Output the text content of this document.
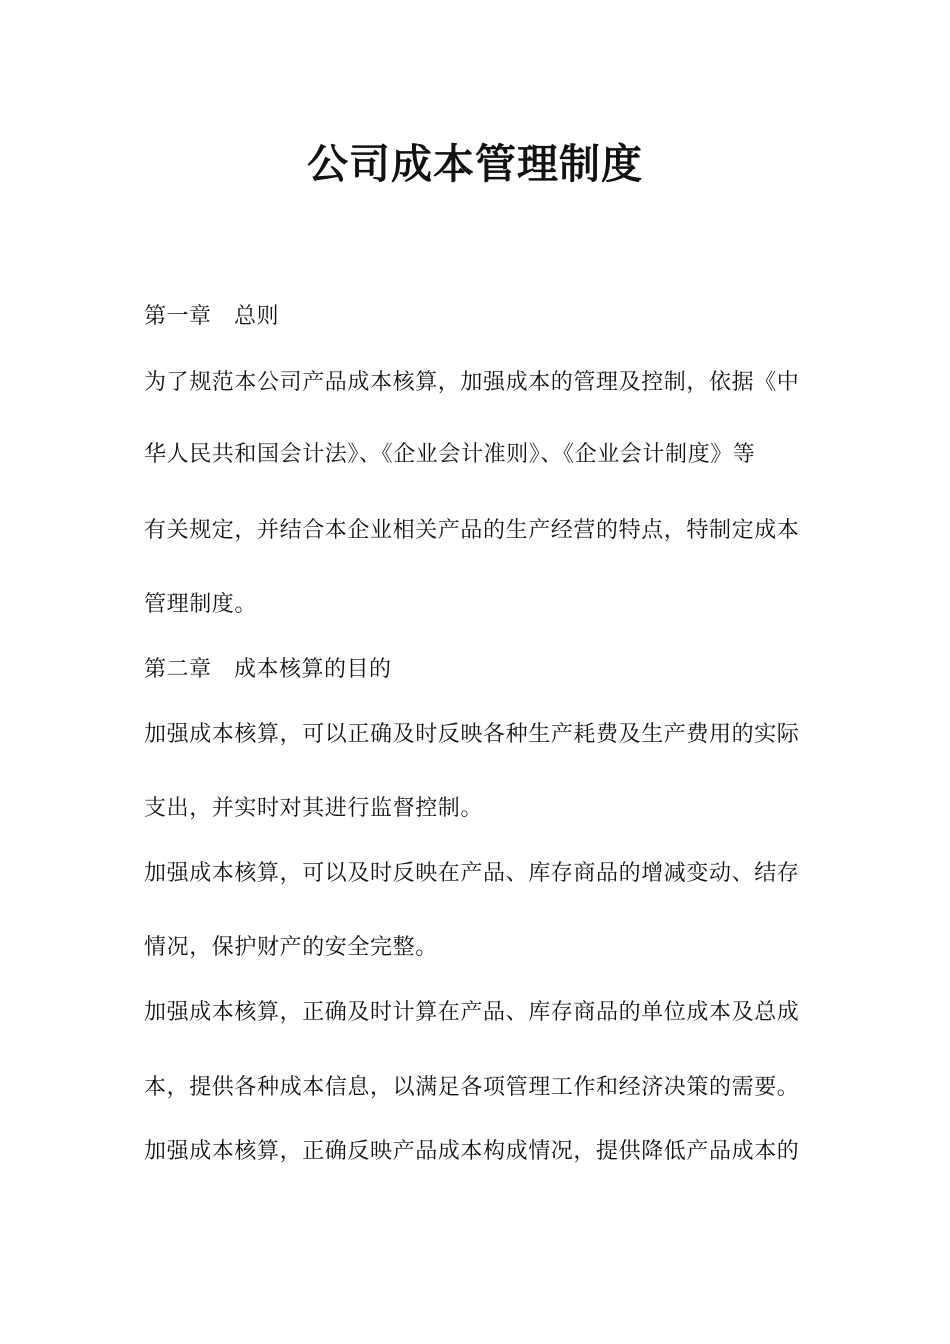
公司成本管理制度

第一章　总则

为了规范本公司产品成本核算，加强成本的管理及控制，依据《中

华人民共和国会计法》、《企业会计准则》、《企业会计制度》等

有关规定，并结合本企业相关产品的生产经营的特点，特制定成本

管理制度。

第二章　成本核算的目的

加强成本核算，可以正确及时反映各种生产耗费及生产费用的实际

支出，并实时对其进行监督控制。

加强成本核算，可以及时反映在产品、库存商品的增减变动、结存

情况，保护财产的安全完整。

加强成本核算，正确及时计算在产品、库存商品的单位成本及总成

本，提供各种成本信息，以满足各项管理工作和经济决策的需要。

加强成本核算，正确反映产品成本构成情况，提供降低产品成本的
